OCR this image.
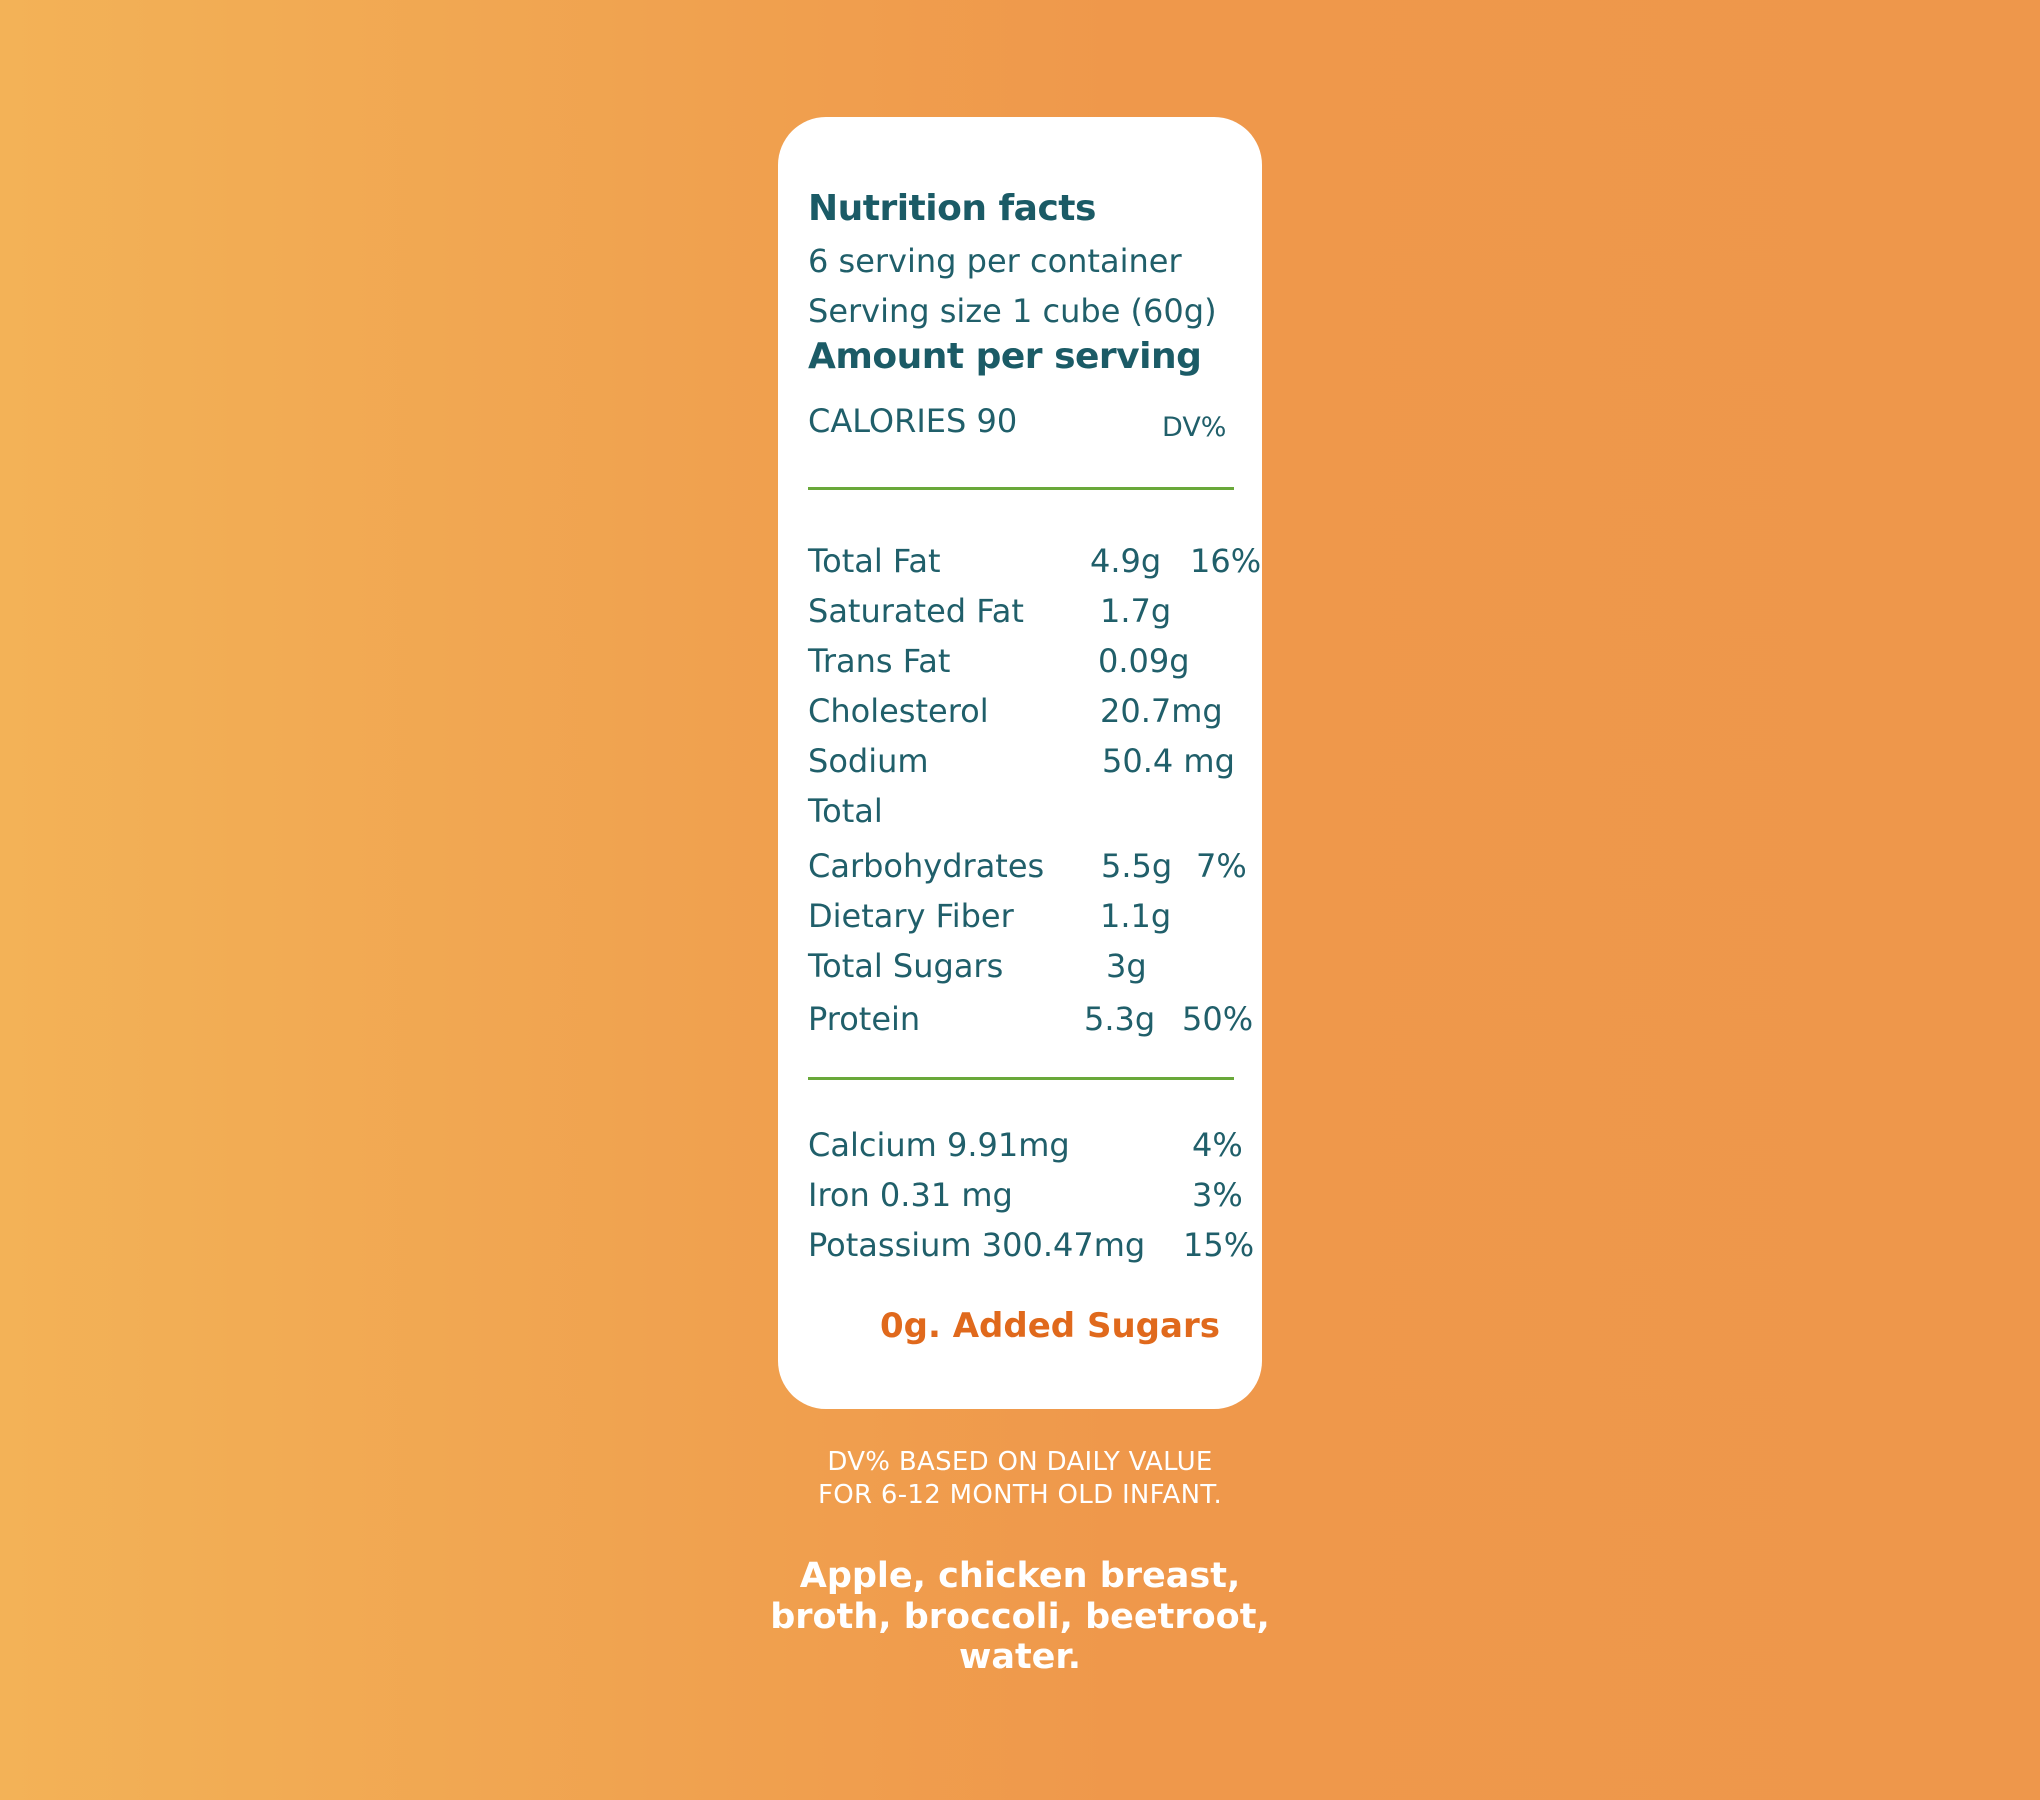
Nutrition facts
6 serving per container
Serving size 1 cube (60g)
Amount per serving
CALORIES 90	DV%
Total Fat	4.9g 16%
Saturated Fat 1.7g
Trans Fat	0.09g
Cholesterol	20.7mg
Sodium	50.4 mg
Total
Carbohydrates 5.5g 7%
Dietary Fiber	1.1g
Total Sugars	3g
Protein	5.3g 50%
Calcium 9.91mg	4%
Iron 0.31 mg	3%
Potassium 300.47mg 15%
0g. Added Sugars
DV% BASED ON DAILY VALUE
FOR 6-12 MONTH OLD INFANT.
Apple, chicken breast,
broth, broccoli, beetroot,
water.
